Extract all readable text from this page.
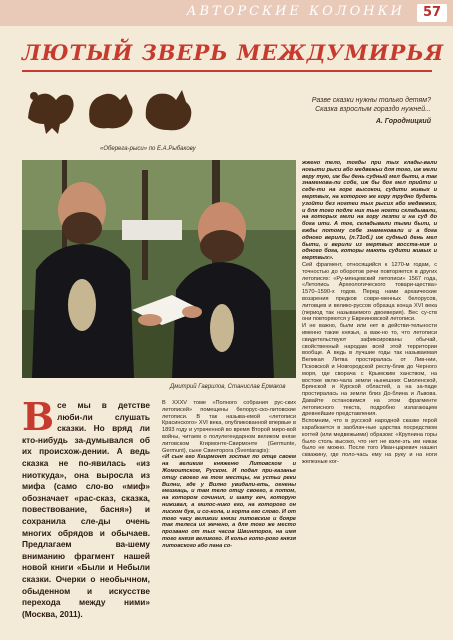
АВТОРСКИЕ КОЛОНКИ	57
ЛЮТЫЙ ЗВЕРЬ МЕЖДУМИРЬЯ
«Оберега-рыси» по Е.А.Рыбакову
Разве сказки нужны только детям?
Сказка взрослым гораздо нужней...
А. Городницкий
Дмитрий Гаврилов, Станислав Ермаков

жжено тело, тогды при тых клады-вали ногыти рыси або медвежьи для того, иж мели веру тую, иж бы день судный мел быти, а так знаменова-ли собе, иж бы бог мел прийти и седе-ти на горе высокои, судити живых и мертвых, на которою же гору трудно будеть узойти без ногтеи тых рысих або медвежих, и для того подле них тые ногти складывали, на которых мели на гору лезти и на суд до бога ити. А тое, складывали тыми были, и ежды потому себе знаменовали и а бога одного верили, (л.71об.) иж судный день мел быти, и верили из мертвых восста-ния и одного бога, которы мають судити живых и мертвых».

Сей фрагмент, относящийся к 1270-м годам, с точностью до оборотов речи повторяется в других летописях: «Ру-мянцевский летописи» 1567 года, «Летопись Археологического товари-щества» 1570–1590-х годов. Перед нами архаические воззрения предков совре-менных белорусов, литовцев и велико-руссов образца конца XVI века (период так называемого двоеверия). Вес су-ств они повторяются у Евреиновской летописи.

И не важно, были или нет в действи-тельности именно такие князья, а важ-но то, что летописи свидетельствуют зафиксированы обычай, свойственный народам всей этой территории вообще. А ведь в лучшие годы так называемая Великая Литва простиралась от Лив-нии, Псковской и Новгородской респу-блик до Черного моря, где сворача с Крымским ханством, на востоке вклю-чала земли нынешних Смоленской, Брянской и Курской областей, а на за-паде простиралась на земли близ До-блина и Львова. Давайте остановимся на этом фрагменте летописного текста, подробно излагающем древнейшие представления.

Вспомним, что в русской народной сказке герой карабкается в заоблач-ные царства посредством когтей (или медвежьими) образом: «Крупнина горы было столь высоко, что нет не взле-зть им никак было не можно. После того Иван-царевич нашел скважину, где поло-чась ему на руку и на ноги железные ког-

В се мы в детстве люби-ли слушать сказки. Но вряд ли кто-нибудь за-думывался об их происхож-дении. А ведь сказка не по-явилась «из ниоткуда», она выросла из мифа (само сло-во «миф» обозначает «рас-сказ, сказка, повествование, басня») и сохранила сле-ды очень многих обрядов и обычаев. Предлагаем ва-шему вниманию фрагмент нашей новой книги «Были и Небыли сказки. Очерки о необычном, обыденном и искусстве перехода между ними» (Москва, 2011).

В XXXV томе «Полного собрания рус-ских летописей» помещены белорус-ско-литовские летописи. В так называ-емой «летописи Красинского» XVI века, опубликованной впервые в 1893 году и утраченной во время Второй миро-вой войны, читаем о полулегендарном великом князе литовском Кгирмонте-Свирмонте (Germunte, Germunt), сыне Свинторога (Šventaragis):

«И сын его Кгирмонт зостал по отце своем на великим княженю Литовском и Жомоитском, Руском. И подал при-казанье отцу своего на том местцы, на устьи реки Вилни, где у Вилно увидали-еть, огнены мешкаць, и там тело отцу своего, а потом, на котором сочинил, и шату кеч, которую ниживал, а милос-нико его, на которого он лиском був, и со-кола, и горта его слово. И от того часу великии князи литовские и бояре так телеса их жечено, а для того же место прозвано от тых часов Швинторог, на имя того князя великого. И кольо кото-рого князя литовского або пана со-
